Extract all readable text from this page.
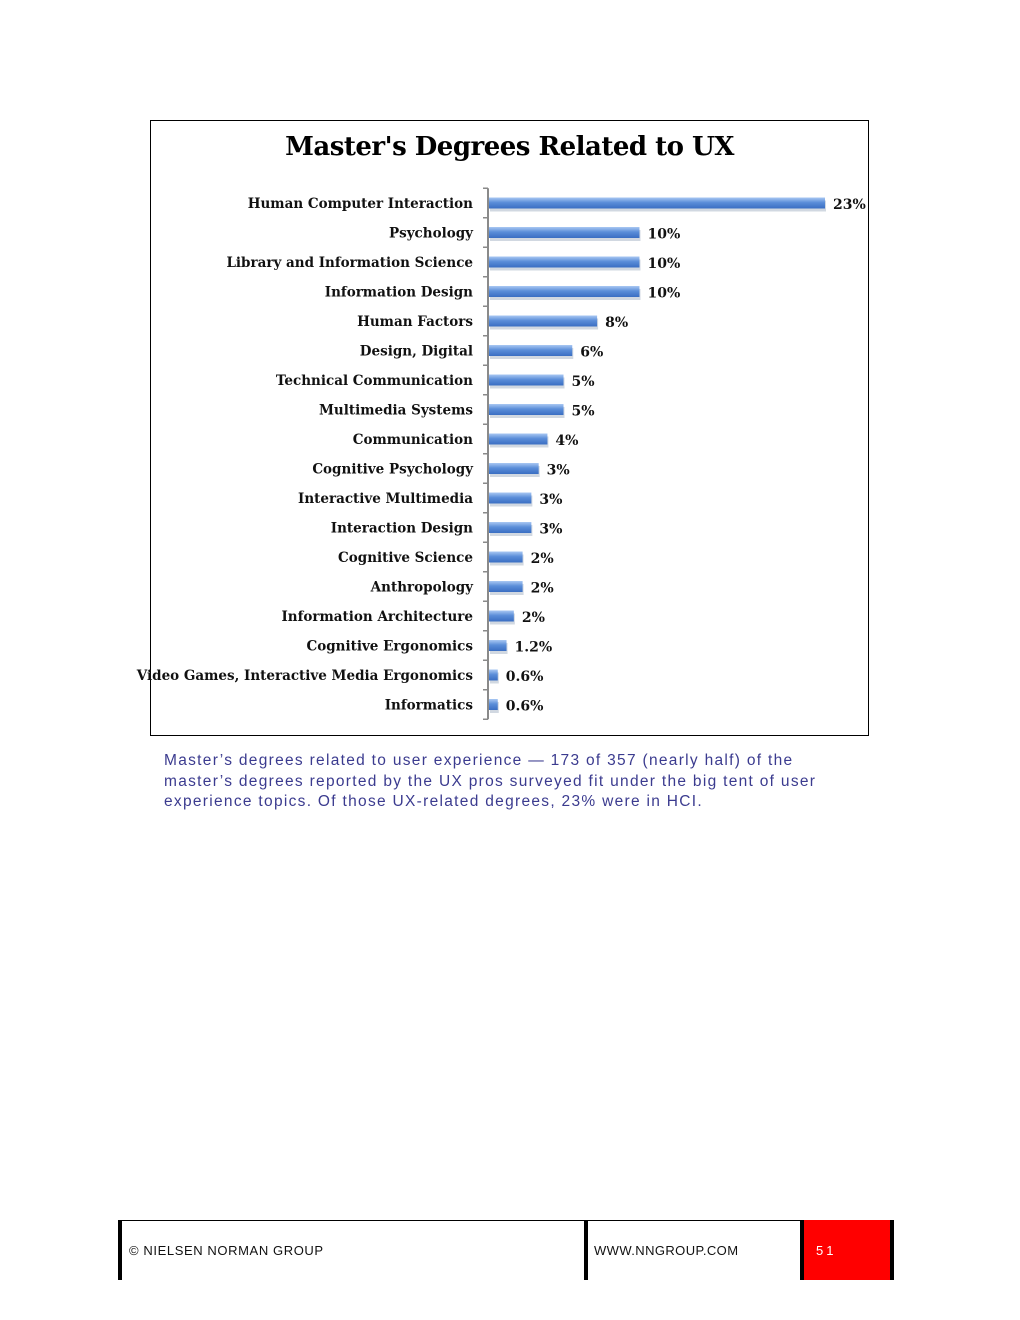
Master's Degrees Related to UX
Human Computer Interaction	23%
Psychology	10%
Library and Information Science	10%
Information Design	10%
Human Factors	8%
Design, Digital	6%
Technical Communication	5%
Multimedia Systems	5%
Communication	4%
Cognitive Psychology	3%
Interactive Multimedia	3%
Interaction Design	3%
Cognitive Science	2%
Anthropology	2%
Information Architecture	2%
Cognitive Ergonomics	1.2%
Video Games, Interactive Media Ergonomics 0.6%
Informatics 0.6%
Master’s degrees related to user experience — 173 of 357 (nearly half) of the master’s degrees reported by the UX pros surveyed fit under the big tent of user experience topics. Of those UX-related degrees, 23% were in HCI.
© NIELSEN NORMAN GROUP	WWW.NNGROUP.COM	51
